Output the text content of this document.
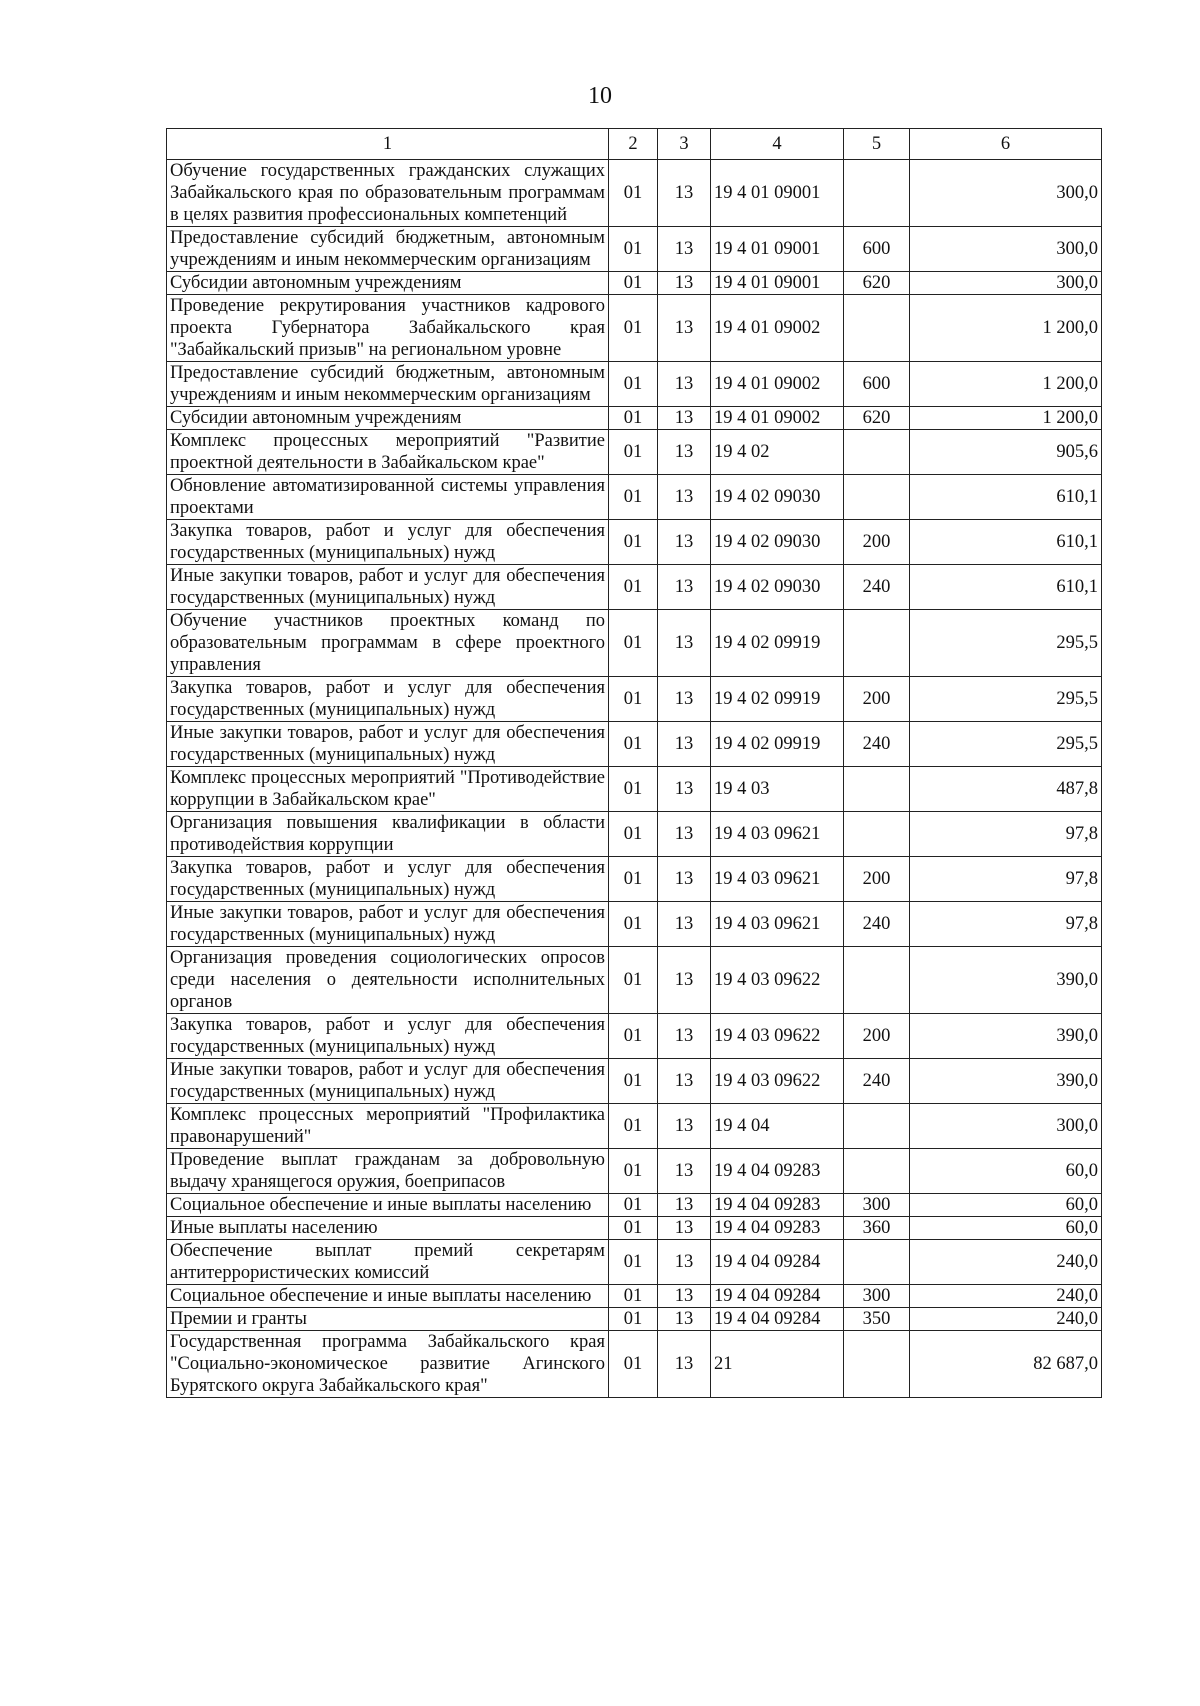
10
1	2	3	4	5	6
Обучение государственных гражданских служащих Забайкальского края по образовательным программам в целях развития профессиональных компетенций	01	13	19 4 01 09001		300,0
Предоставление субсидий бюджетным, автономным учреждениям и иным некоммерческим организациям	01	13	19 4 01 09001	600	300,0
Субсидии автономным учреждениям	01	13	19 4 01 09001	620	300,0
Проведение рекрутирования участников кадрового проекта Губернатора Забайкальского края "Забайкальский призыв" на региональном уровне	01	13	19 4 01 09002		1 200,0
Предоставление субсидий бюджетным, автономным учреждениям и иным некоммерческим организациям	01	13	19 4 01 09002	600	1 200,0
Субсидии автономным учреждениям	01	13	19 4 01 09002	620	1 200,0
Комплекс процессных мероприятий "Развитие проектной деятельности в Забайкальском крае"	01	13	19 4 02		905,6
Обновление автоматизированной системы управления проектами	01	13	19 4 02 09030		610,1
Закупка товаров, работ и услуг для обеспечения государственных (муниципальных) нужд	01	13	19 4 02 09030	200	610,1
Иные закупки товаров, работ и услуг для обеспечения государственных (муниципальных) нужд	01	13	19 4 02 09030	240	610,1
Обучение участников проектных команд по образовательным программам в сфере проектного управления	01	13	19 4 02 09919		295,5
Закупка товаров, работ и услуг для обеспечения государственных (муниципальных) нужд	01	13	19 4 02 09919	200	295,5
Иные закупки товаров, работ и услуг для обеспечения государственных (муниципальных) нужд	01	13	19 4 02 09919	240	295,5
Комплекс процессных мероприятий "Противодействие коррупции в Забайкальском крае"	01	13	19 4 03		487,8
Организация повышения квалификации в области противодействия коррупции	01	13	19 4 03 09621		97,8
Закупка товаров, работ и услуг для обеспечения государственных (муниципальных) нужд	01	13	19 4 03 09621	200	97,8
Иные закупки товаров, работ и услуг для обеспечения государственных (муниципальных) нужд	01	13	19 4 03 09621	240	97,8
Организация проведения социологических опросов среди населения о деятельности исполнительных органов	01	13	19 4 03 09622		390,0
Закупка товаров, работ и услуг для обеспечения государственных (муниципальных) нужд	01	13	19 4 03 09622	200	390,0
Иные закупки товаров, работ и услуг для обеспечения государственных (муниципальных) нужд	01	13	19 4 03 09622	240	390,0
Комплекс процессных мероприятий "Профилактика правонарушений"	01	13	19 4 04		300,0
Проведение выплат гражданам за добровольную выдачу хранящегося оружия, боеприпасов	01	13	19 4 04 09283		60,0
Социальное обеспечение и иные выплаты населению	01	13	19 4 04 09283	300	60,0
Иные выплаты населению	01	13	19 4 04 09283	360	60,0
Обеспечение выплат премий секретарям антитеррористических комиссий	01	13	19 4 04 09284		240,0
Социальное обеспечение и иные выплаты населению	01	13	19 4 04 09284	300	240,0
Премии и гранты	01	13	19 4 04 09284	350	240,0
Государственная программа Забайкальского края "Социально-экономическое развитие Агинского Бурятского округа Забайкальского края"	01	13	21		82 687,0
